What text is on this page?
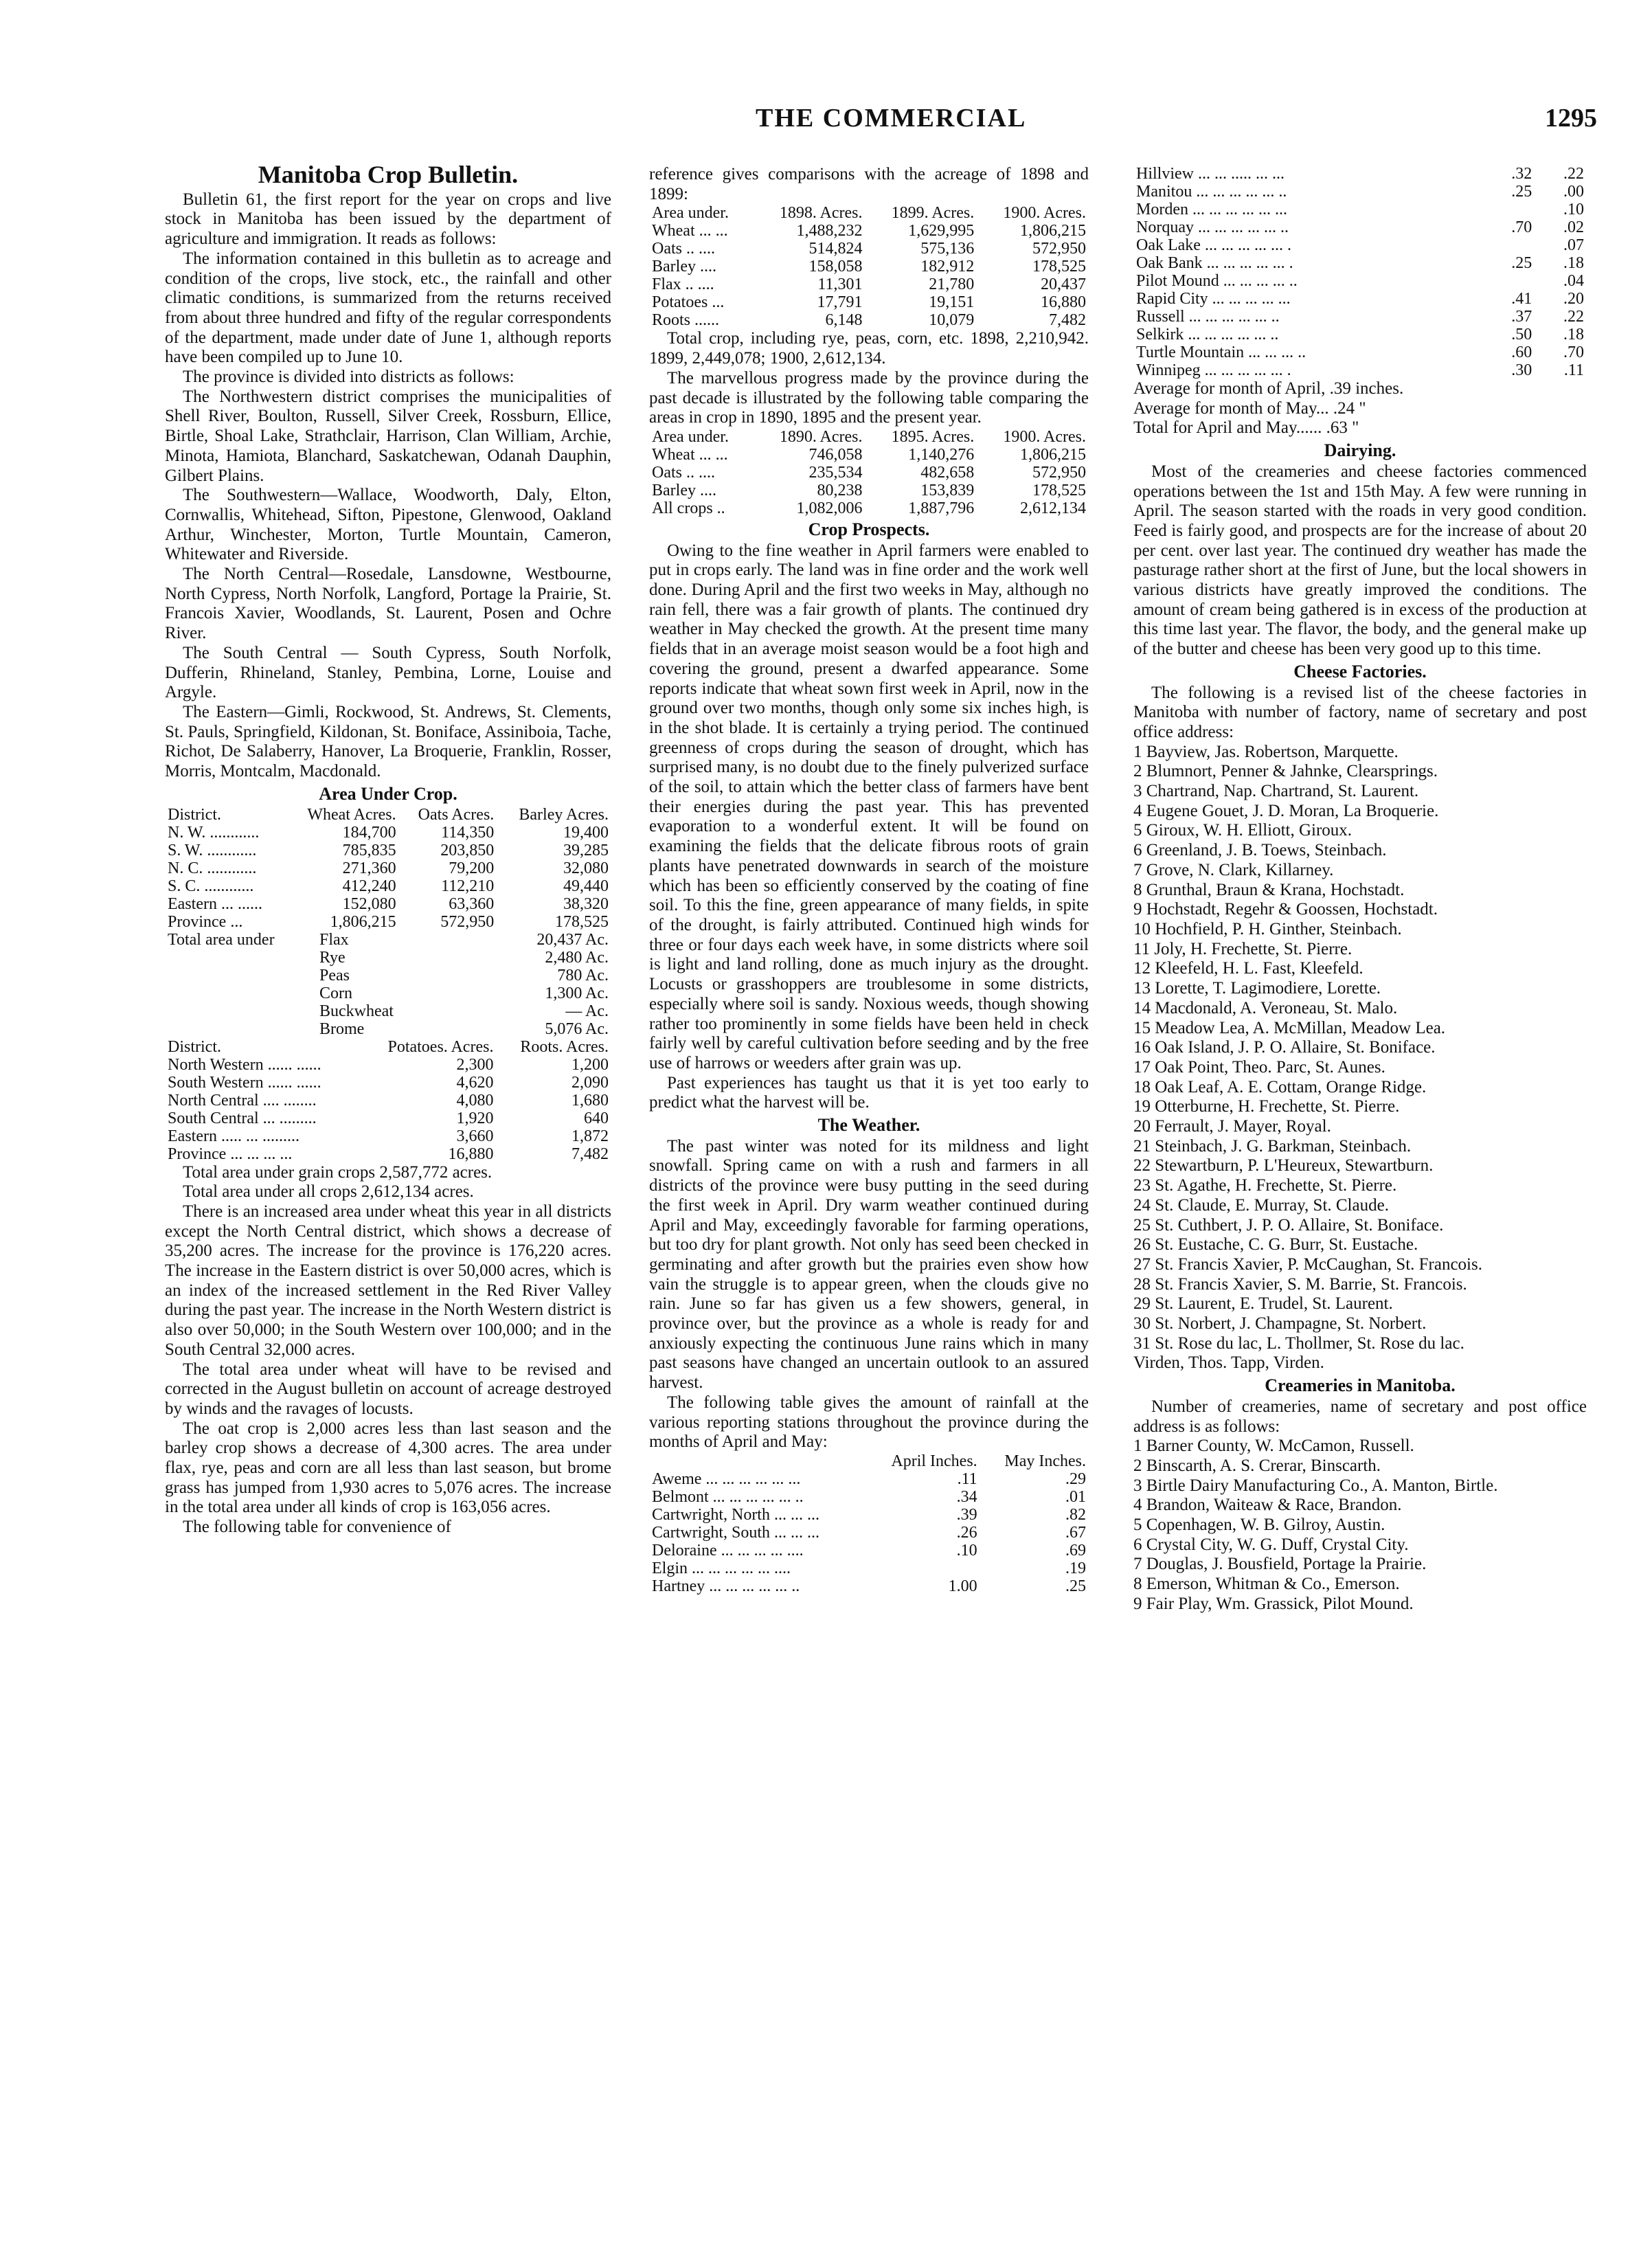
THE COMMERCIAL	1295
Manitoba Crop Bulletin.

Bulletin 61, the first report for the year on crops and live stock in Manitoba has been issued by the department of agriculture and immigration. It reads as follows:

The information contained in this bulletin as to acreage and condition of the crops, live stock, etc., the rainfall and other climatic conditions, is summarized from the returns received from about three hundred and fifty of the regular correspondents of the department, made under date of June 1, although reports have been compiled up to June 10.

The province is divided into districts as follows:

The Northwestern district comprises the municipalities of Shell River, Boulton, Russell, Silver Creek, Rossburn, Ellice, Birtle, Shoal Lake, Strathclair, Harrison, Clan William, Archie, Minota, Hamiota, Blanchard, Saskatchewan, Odanah Dauphin, Gilbert Plains.

The Southwestern—Wallace, Woodworth, Daly, Elton, Cornwallis, Whitehead, Sifton, Pipestone, Glenwood, Oakland Arthur, Winchester, Morton, Turtle Mountain, Cameron, Whitewater and Riverside.

The North Central—Rosedale, Lansdowne, Westbourne, North Cypress, North Norfolk, Langford, Portage la Prairie, St. Francois Xavier, Woodlands, St. Laurent, Posen and Ochre River.

The South Central — South Cypress, South Norfolk, Dufferin, Rhineland, Stanley, Pembina, Lorne, Louise and Argyle.

The Eastern—Gimli, Rockwood, St. Andrews, St. Clements, St. Pauls, Springfield, Kildonan, St. Boniface, Assiniboia, Tache, Richot, De Salaberry, Hanover, La Broquerie, Franklin, Rosser, Morris, Montcalm, Macdonald.

Area Under Crop.
District.	Wheat Acres.	Oats Acres.	Barley Acres.
N. W. ............	184,700	114,350	19,400
S. W. ............	785,835	203,850	39,285
N. C. ............	271,360	79,200	32,080
S. C. ............	412,240	112,210	49,440
Eastern ... ......	152,080	63,360	38,320
Province ...	1,806,215	572,950	178,525
Total area under	Flax	20,437 Ac.
	Rye	2,480 Ac.
	Peas	780 Ac.
	Corn	1,300 Ac.
	Buckwheat	— Ac.
	Brome	5,076 Ac.
District.	Potatoes. Acres.	Roots. Acres.
North Western ...... ......	2,300	1,200
South Western ...... ......	4,620	2,090
North Central .... ........	4,080	1,680
South Central ... .........	1,920	640
Eastern ..... ... .........	3,660	1,872
Province ... ... ... ...	16,880	7,482

Total area under grain crops 2,587,772 acres.

Total area under all crops 2,612,134 acres.

There is an increased area under wheat this year in all districts except the North Central district, which shows a decrease of 35,200 acres. The increase for the province is 176,220 acres. The increase in the Eastern district is over 50,000 acres, which is an index of the increased settlement in the Red River Valley during the past year. The increase in the North Western district is also over 50,000; in the South Western over 100,000; and in the South Central 32,000 acres.

The total area under wheat will have to be revised and corrected in the August bulletin on account of acreage destroyed by winds and the ravages of locusts.

The oat crop is 2,000 acres less than last season and the barley crop shows a decrease of 4,300 acres. The area under flax, rye, peas and corn are all less than last season, but brome grass has jumped from 1,930 acres to 5,076 acres. The increase in the total area under all kinds of crop is 163,056 acres.

The following table for convenience of

reference gives comparisons with the acreage of 1898 and 1899:

Area under.	1898. Acres.	1899. Acres.	1900. Acres.
Wheat ... ...	1,488,232	1,629,995	1,806,215
Oats .. ....	514,824	575,136	572,950
Barley ....	158,058	182,912	178,525
Flax .. ....	11,301	21,780	20,437
Potatoes ...	17,791	19,151	16,880
Roots ......	6,148	10,079	7,482

Total crop, including rye, peas, corn, etc. 1898, 2,210,942. 1899, 2,449,078; 1900, 2,612,134.

The marvellous progress made by the province during the past decade is illustrated by the following table comparing the areas in crop in 1890, 1895 and the present year.

Area under.	1890. Acres.	1895. Acres.	1900. Acres.
Wheat ... ...	746,058	1,140,276	1,806,215
Oats .. ....	235,534	482,658	572,950
Barley ....	80,238	153,839	178,525
All crops ..	1,082,006	1,887,796	2,612,134
Crop Prospects.

Owing to the fine weather in April farmers were enabled to put in crops early. The land was in fine order and the work well done. During April and the first two weeks in May, although no rain fell, there was a fair growth of plants. The continued dry weather in May checked the growth. At the present time many fields that in an average moist season would be a foot high and covering the ground, present a dwarfed appearance. Some reports indicate that wheat sown first week in April, now in the ground over two months, though only some six inches high, is in the shot blade. It is certainly a trying period. The continued greenness of crops during the season of drought, which has surprised many, is no doubt due to the finely pulverized surface of the soil, to attain which the better class of farmers have bent their energies during the past year. This has prevented evaporation to a wonderful extent. It will be found on examining the fields that the delicate fibrous roots of grain plants have penetrated downwards in search of the moisture which has been so efficiently conserved by the coating of fine soil. To this the fine, green appearance of many fields, in spite of the drought, is fairly attributed. Continued high winds for three or four days each week have, in some districts where soil is light and land rolling, done as much injury as the drought. Locusts or grasshoppers are troublesome in some districts, especially where soil is sandy. Noxious weeds, though showing rather too prominently in some fields have been held in check fairly well by careful cultivation before seeding and by the free use of harrows or weeders after grain was up.

Past experiences has taught us that it is yet too early to predict what the harvest will be.

The Weather.

The past winter was noted for its mildness and light snowfall. Spring came on with a rush and farmers in all districts of the province were busy putting in the seed during the first week in April. Dry warm weather continued during April and May, exceedingly favorable for farming operations, but too dry for plant growth. Not only has seed been checked in germinating and after growth but the prairies even show how vain the struggle is to appear green, when the clouds give no rain. June so far has given us a few showers, general, in province over, but the province as a whole is ready for and anxiously expecting the continuous June rains which in many past seasons have changed an uncertain outlook to an assured harvest.

The following table gives the amount of rainfall at the various reporting stations throughout the province during the months of April and May:

	April Inches.	May Inches.
Aweme ... ... ... ... ... ...	.11	.29
Belmont ... ... ... ... ... ..	.34	.01
Cartwright, North ... ... ...	.39	.82
Cartwright, South ... ... ...	.26	.67
Deloraine ... ... ... ... ....	.10	.69
Elgin ... ... ... ... ... ....		.19
Hartney ... ... ... ... ... ..	1.00	.25
Hillview ... ... ..... ... ...	.32	.22
Manitou ... ... ... ... ... ..	.25	.00
Morden ... ... ... ... ... ...		.10
Norquay ... ... ... ... ... ..	.70	.02
Oak Lake ... ... ... ... ... .		.07
Oak Bank ... ... ... ... ... .	.25	.18
Pilot Mound ... ... ... ... ..		.04
Rapid City ... ... ... ... ...	.41	.20
Russell ... ... ... ... ... ..	.37	.22
Selkirk ... ... ... ... ... ..	.50	.18
Turtle Mountain ... ... ... ..	.60	.70
Winnipeg ... ... ... ... ... .	.30	.11

Average for month of April, .39 inches.

Average for month of May... .24 "

Total for April and May...... .63 "

Dairying.

Most of the creameries and cheese factories commenced operations between the 1st and 15th May. A few were running in April. The season started with the roads in very good condition. Feed is fairly good, and prospects are for the increase of about 20 per cent. over last year. The continued dry weather has made the pasturage rather short at the first of June, but the local showers in various districts have greatly improved the conditions. The amount of cream being gathered is in excess of the production at this time last year. The flavor, the body, and the general make up of the butter and cheese has been very good up to this time.

Cheese Factories.

The following is a revised list of the cheese factories in Manitoba with number of factory, name of secretary and post office address:

1 Bayview, Jas. Robertson, Marquette.

2 Blumnort, Penner & Jahnke, Clearsprings.

3 Chartrand, Nap. Chartrand, St. Laurent.

4 Eugene Gouet, J. D. Moran, La Broquerie.

5 Giroux, W. H. Elliott, Giroux.

6 Greenland, J. B. Toews, Steinbach.

7 Grove, N. Clark, Killarney.

8 Grunthal, Braun & Krana, Hochstadt.

9 Hochstadt, Regehr & Goossen, Hochstadt.

10 Hochfield, P. H. Ginther, Steinbach.

11 Joly, H. Frechette, St. Pierre.

12 Kleefeld, H. L. Fast, Kleefeld.

13 Lorette, T. Lagimodiere, Lorette.

14 Macdonald, A. Veroneau, St. Malo.

15 Meadow Lea, A. McMillan, Meadow Lea.

16 Oak Island, J. P. O. Allaire, St. Boniface.

17 Oak Point, Theo. Parc, St. Aunes.

18 Oak Leaf, A. E. Cottam, Orange Ridge.

19 Otterburne, H. Frechette, St. Pierre.

20 Ferrault, J. Mayer, Royal.

21 Steinbach, J. G. Barkman, Steinbach.

22 Stewartburn, P. L'Heureux, Stewartburn.

23 St. Agathe, H. Frechette, St. Pierre.

24 St. Claude, E. Murray, St. Claude.

25 St. Cuthbert, J. P. O. Allaire, St. Boniface.

26 St. Eustache, C. G. Burr, St. Eustache.

27 St. Francis Xavier, P. McCaughan, St. Francois.

28 St. Francis Xavier, S. M. Barrie, St. Francois.

29 St. Laurent, E. Trudel, St. Laurent.

30 St. Norbert, J. Champagne, St. Norbert.

31 St. Rose du lac, L. Thollmer, St. Rose du lac.

Virden, Thos. Tapp, Virden.

Creameries in Manitoba.

Number of creameries, name of secretary and post office address is as follows:

1 Barner County, W. McCamon, Russell.

2 Binscarth, A. S. Crerar, Binscarth.

3 Birtle Dairy Manufacturing Co., A. Manton, Birtle.

4 Brandon, Waiteaw & Race, Brandon.

5 Copenhagen, W. B. Gilroy, Austin.

6 Crystal City, W. G. Duff, Crystal City.

7 Douglas, J. Bousfield, Portage la Prairie.

8 Emerson, Whitman & Co., Emerson.

9 Fair Play, Wm. Grassick, Pilot Mound.
